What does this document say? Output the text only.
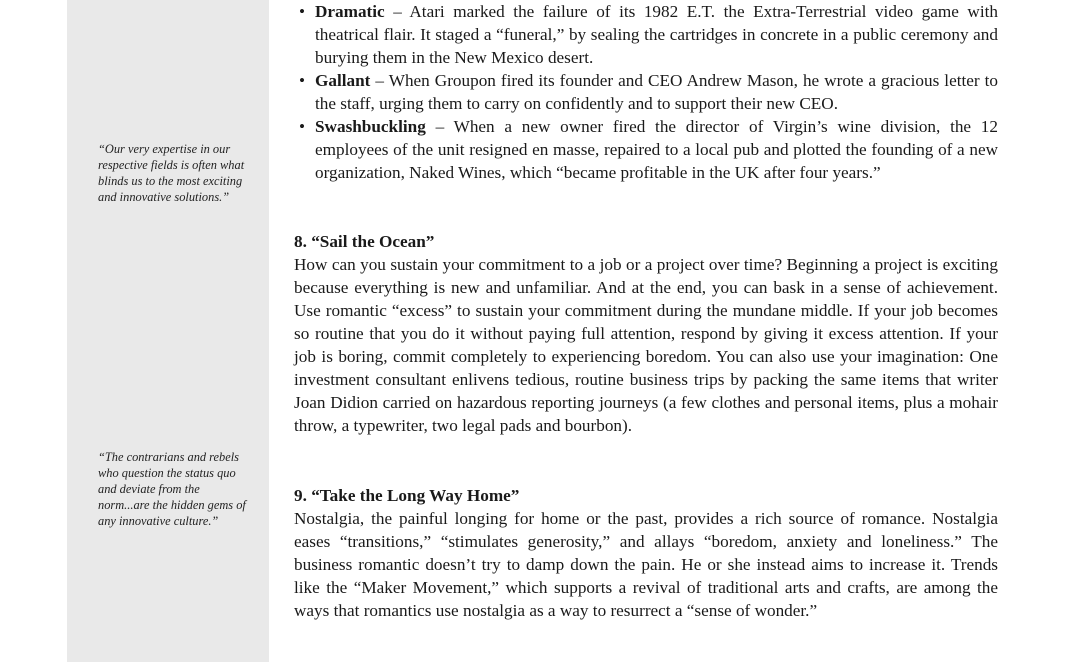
“Our very expertise in our respective fields is often what blinds us to the most exciting and innovative solutions.”
“The contrarians and rebels who question the status quo and deviate from the norm...are the hidden gems of any innovative culture.”
• Dramatic – Atari marked the failure of its 1982 E.T. the Extra-Terrestrial video game with theatrical flair. It staged a “funeral,” by sealing the cartridges in concrete in a public ceremony and burying them in the New Mexico desert.
• Gallant – When Groupon fired its founder and CEO Andrew Mason, he wrote a gracious letter to the staff, urging them to carry on confidently and to support their new CEO.
• Swashbuckling – When a new owner fired the director of Virgin’s wine division, the 12 employees of the unit resigned en masse, repaired to a local pub and plotted the founding of a new organization, Naked Wines, which “became profitable in the UK after four years.”
8. “Sail the Ocean”

How can you sustain your commitment to a job or a project over time? Beginning a project is exciting because everything is new and unfamiliar. And at the end, you can bask in a sense of achievement. Use romantic “excess” to sustain your commitment during the mundane middle. If your job becomes so routine that you do it without paying full attention, respond by giving it excess attention. If your job is boring, commit completely to experiencing boredom. You can also use your imagination: One investment consultant enlivens tedious, routine business trips by packing the same items that writer Joan Didion carried on hazardous reporting journeys (a few clothes and personal items, plus a mohair throw, a typewriter, two legal pads and bourbon).

9. “Take the Long Way Home”

Nostalgia, the painful longing for home or the past, provides a rich source of romance. Nostalgia eases “transitions,” “stimulates generosity,” and allays “boredom, anxiety and loneliness.” The business romantic doesn’t try to damp down the pain. He or she instead aims to increase it. Trends like the “Maker Movement,” which supports a revival of traditional arts and crafts, are among the ways that romantics use nostalgia as a way to resurrect a “sense of wonder.”
